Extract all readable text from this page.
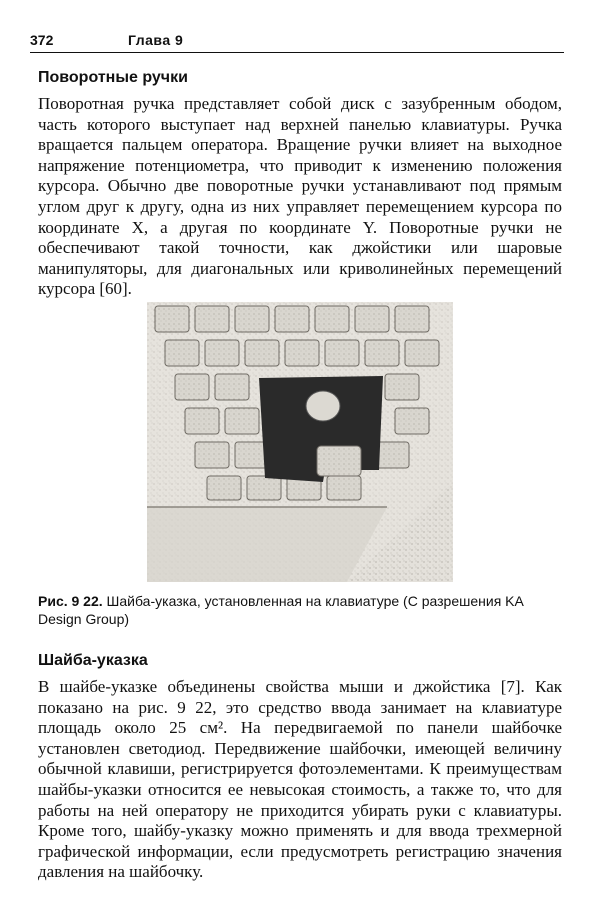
372	Глава 9
Поворотные ручки

Поворотная ручка представляет собой диск с зазубренным ободом, часть которого выступает над верхней панелью клавиатуры. Ручка вращается пальцем оператора. Вращение ручки влияет на выходное напряжение потенциометра, что приводит к изменению положения курсора. Обычно две поворотные ручки устанавливают под прямым углом друг к другу, одна из них управляет перемещением курсора по координате X, а другая по координате Y. Поворотные ручки не обеспечивают такой точности, как джойстики или шаровые манипуляторы, для диагональных или криволинейных перемещений курсора [60].

Рис. 9 22. Шайба-указка, установленная на клавиатуре (С разрешения KA Design Group)

Шайба-указка

В шайбе-указке объединены свойства мыши и джойстика [7]. Как показано на рис. 9 22, это средство ввода занимает на клавиатуре площадь около 25 см². На передвигаемой по панели шайбочке установлен светодиод. Передвижение шайбочки, имеющей величину обычной клавиши, регистрируется фотоэлементами. К преимуществам шайбы-указки относится ее невысокая стоимость, а также то, что для работы на ней оператору не приходится убирать руки с клавиатуры. Кроме того, шайбу-указку можно применять и для ввода трехмерной графической информации, если предусмотреть регистрацию значения давления на шайбочку.
